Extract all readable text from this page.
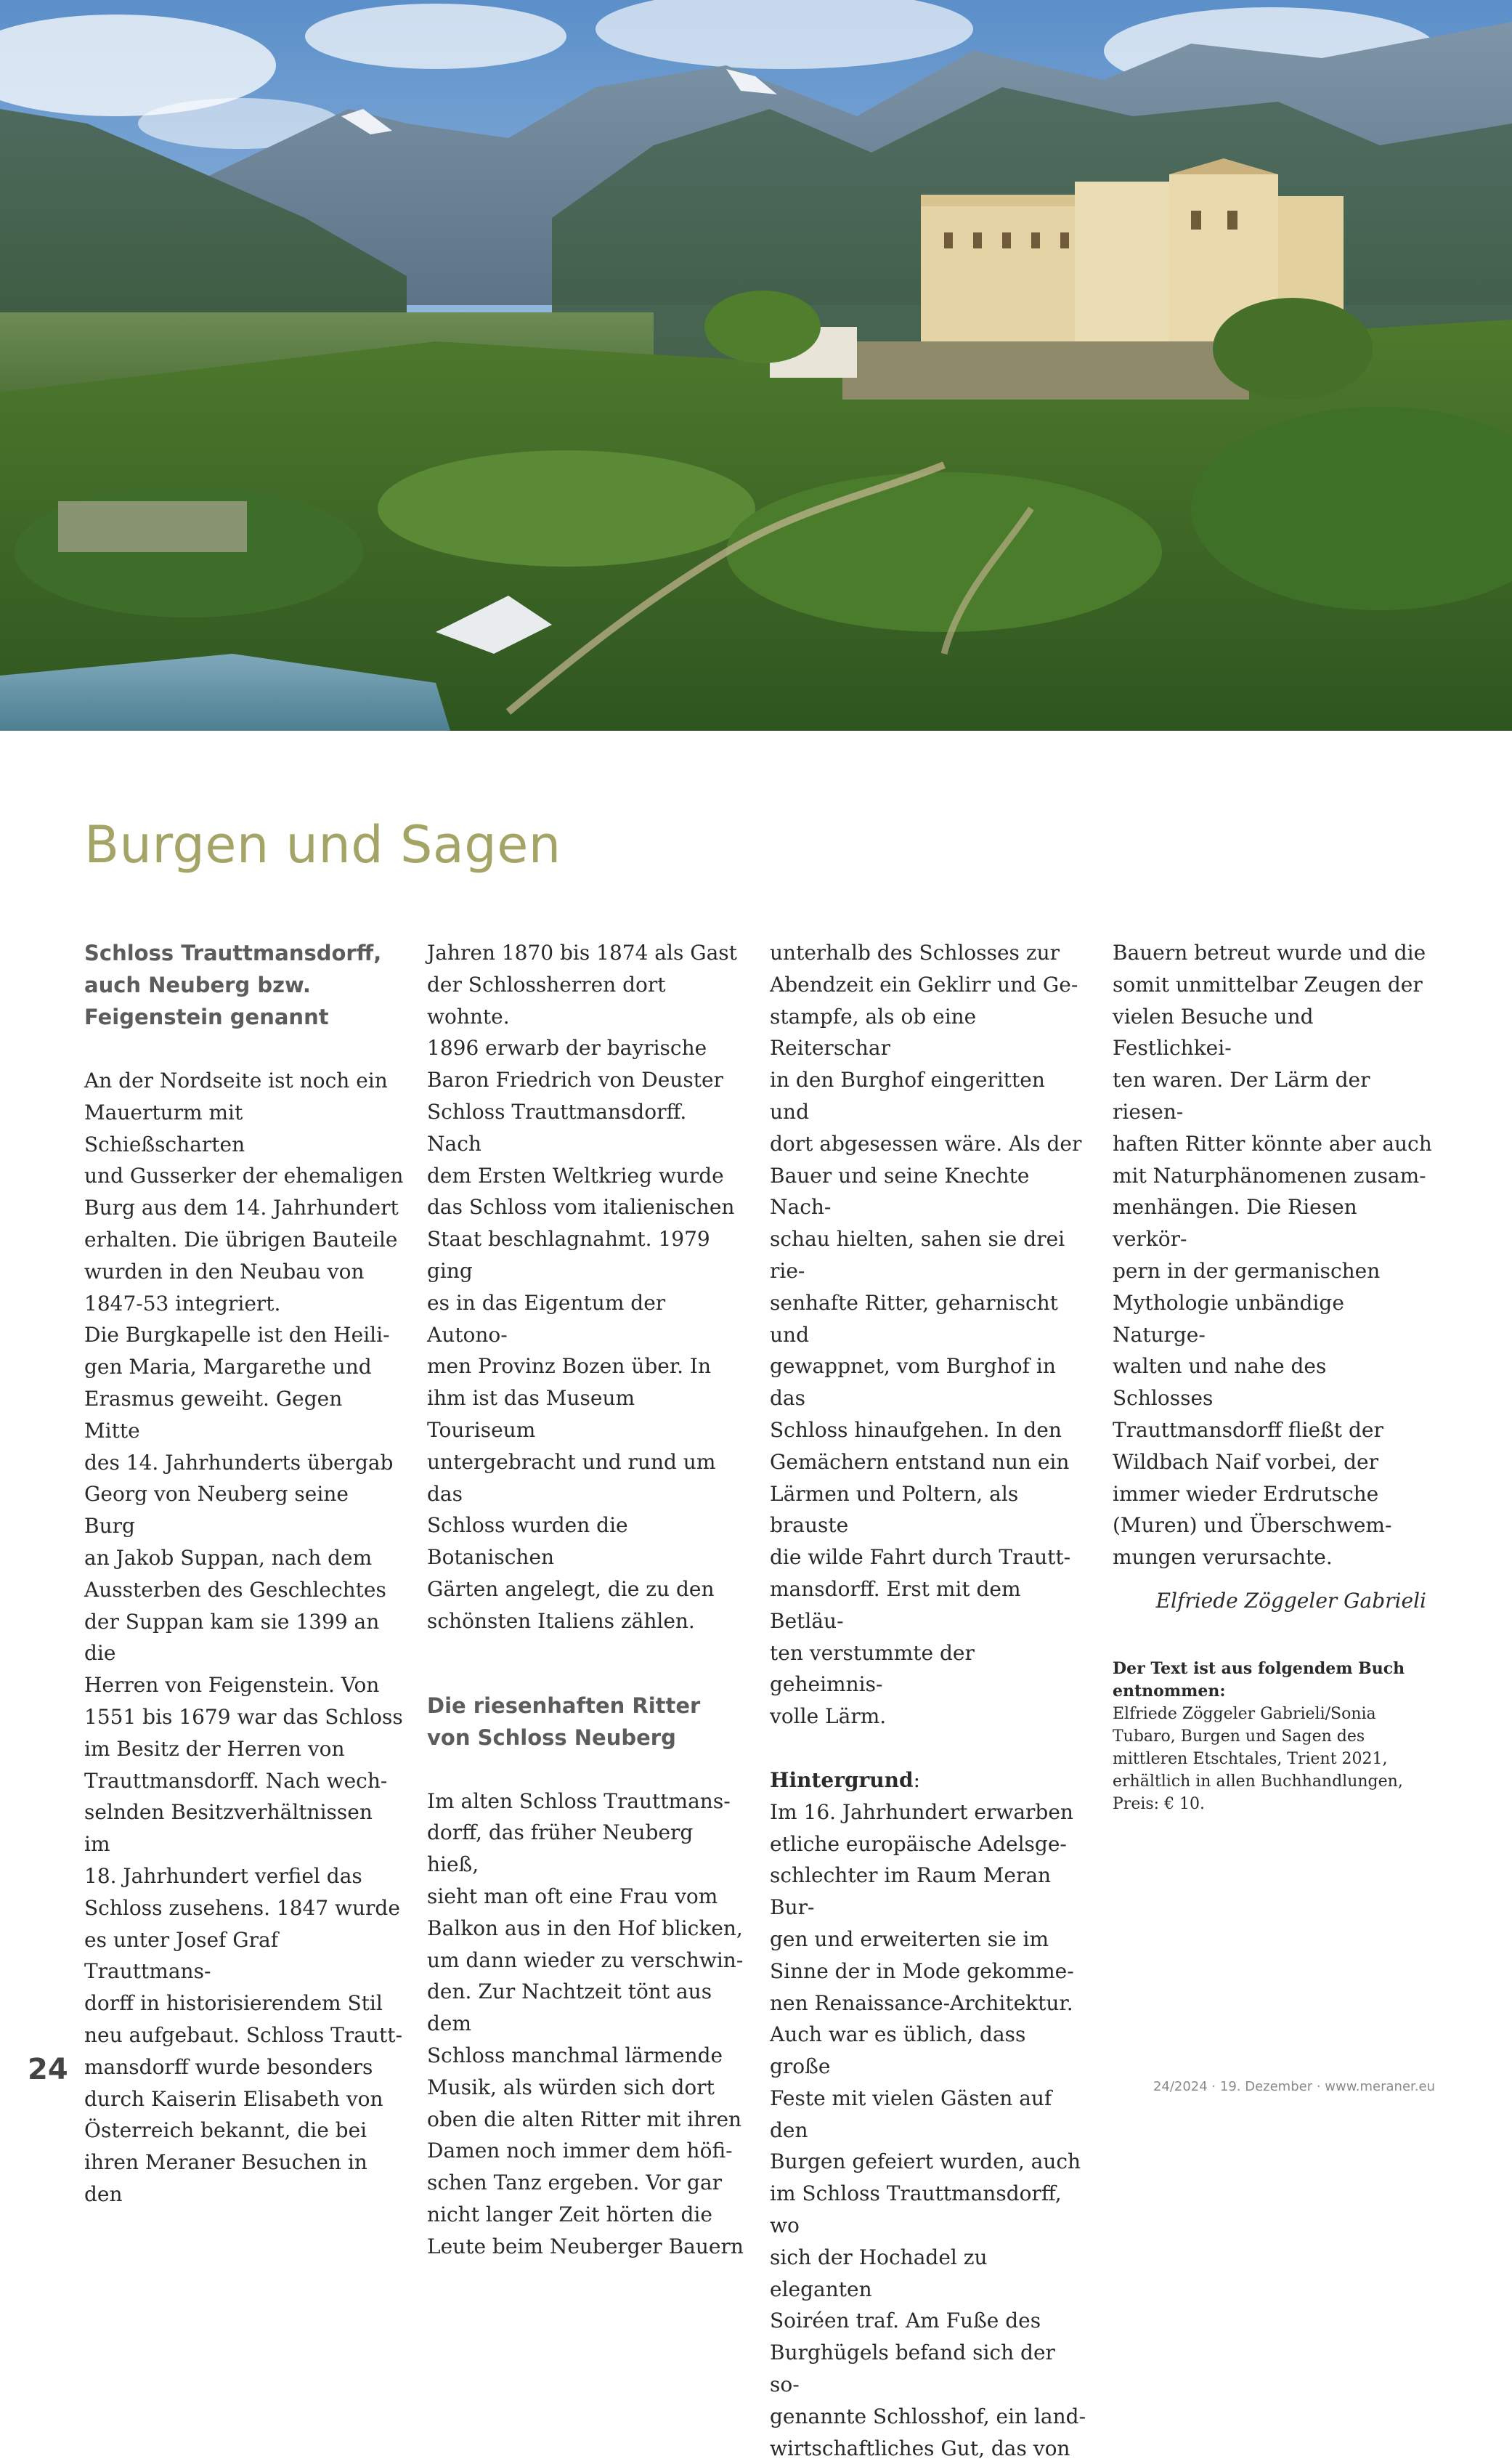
Burgen und Sagen
Schloss Trauttmansdorff,
auch Neuberg bzw.
Feigenstein genannt

An der Nordseite ist noch ein
Mauerturm mit Schießscharten
und Gusserker der ehemaligen
Burg aus dem 14. Jahrhundert
erhalten. Die übrigen Bauteile
wurden in den Neubau von
1847-53 integriert.

Die Burgkapelle ist den Heili-
gen Maria, Margarethe und
Erasmus geweiht. Gegen Mitte
des 14. Jahrhunderts übergab
Georg von Neuberg seine Burg
an Jakob Suppan, nach dem
Aussterben des Geschlechtes
der Suppan kam sie 1399 an die
Herren von Feigenstein. Von
1551 bis 1679 war das Schloss
im Besitz der Herren von
Trauttmansdorff. Nach wech-
selnden Besitzverhältnissen im
18. Jahrhundert verfiel das
Schloss zusehens. 1847 wurde
es unter Josef Graf Trauttmans-
dorff in historisierendem Stil
neu aufgebaut. Schloss Trautt-
mansdorff wurde besonders
durch Kaiserin Elisabeth von
Österreich bekannt, die bei
ihren Meraner Besuchen in den

Jahren 1870 bis 1874 als Gast
der Schlossherren dort wohnte.
1896 erwarb der bayrische
Baron Friedrich von Deuster
Schloss Trauttmansdorff. Nach
dem Ersten Weltkrieg wurde
das Schloss vom italienischen
Staat beschlagnahmt. 1979 ging
es in das Eigentum der Autono-
men Provinz Bozen über. In
ihm ist das Museum Touriseum
untergebracht und rund um das
Schloss wurden die Botanischen
Gärten angelegt, die zu den
schönsten Italiens zählen.

Die riesenhaften Ritter
von Schloss Neuberg

Im alten Schloss Trauttmans-
dorff, das früher Neuberg hieß,
sieht man oft eine Frau vom
Balkon aus in den Hof blicken,
um dann wieder zu verschwin-
den. Zur Nachtzeit tönt aus dem
Schloss manchmal lärmende
Musik, als würden sich dort
oben die alten Ritter mit ihren
Damen noch immer dem höfi-
schen Tanz ergeben. Vor gar
nicht langer Zeit hörten die
Leute beim Neuberger Bauern

unterhalb des Schlosses zur
Abendzeit ein Geklirr und Ge-
stampfe, als ob eine Reiterschar
in den Burghof eingeritten und
dort abgesessen wäre. Als der
Bauer und seine Knechte Nach-
schau hielten, sahen sie drei rie-
senhafte Ritter, geharnischt und
gewappnet, vom Burghof in das
Schloss hinaufgehen. In den
Gemächern entstand nun ein
Lärmen und Poltern, als brauste
die wilde Fahrt durch Trautt-
mansdorff. Erst mit dem Betläu-
ten verstummte der geheimnis-
volle Lärm.

Hintergrund:

Im 16. Jahrhundert erwarben
etliche europäische Adelsge-
schlechter im Raum Meran Bur-
gen und erweiterten sie im
Sinne der in Mode gekomme-
nen Renaissance-Architektur.
Auch war es üblich, dass große
Feste mit vielen Gästen auf den
Burgen gefeiert wurden, auch
im Schloss Trauttmansdorff, wo
sich der Hochadel zu eleganten
Soiréen traf. Am Fuße des
Burghügels befand sich der so-
genannte Schlosshof, ein land-
wirtschaftliches Gut, das von

Bauern betreut wurde und die
somit unmittelbar Zeugen der
vielen Besuche und Festlichkei-
ten waren. Der Lärm der riesen-
haften Ritter könnte aber auch
mit Naturphänomenen zusam-
menhängen. Die Riesen verkör-
pern in der germanischen
Mythologie unbändige Naturge-
walten und nahe des Schlosses
Trauttmansdorff fließt der
Wildbach Naif vorbei, der
immer wieder Erdrutsche
(Muren) und Überschwem-
mungen verursachte.

Elfriede Zöggeler Gabrieli

Der Text ist aus folgendem Buch
entnommen:
Elfriede Zöggeler Gabrieli/Sonia
Tubaro, Burgen und Sagen des
mittleren Etschtales, Trient 2021,
erhältlich in allen Buchhandlungen,
Preis: € 10.
24
24/2024 · 19. Dezember · www.meraner.eu
